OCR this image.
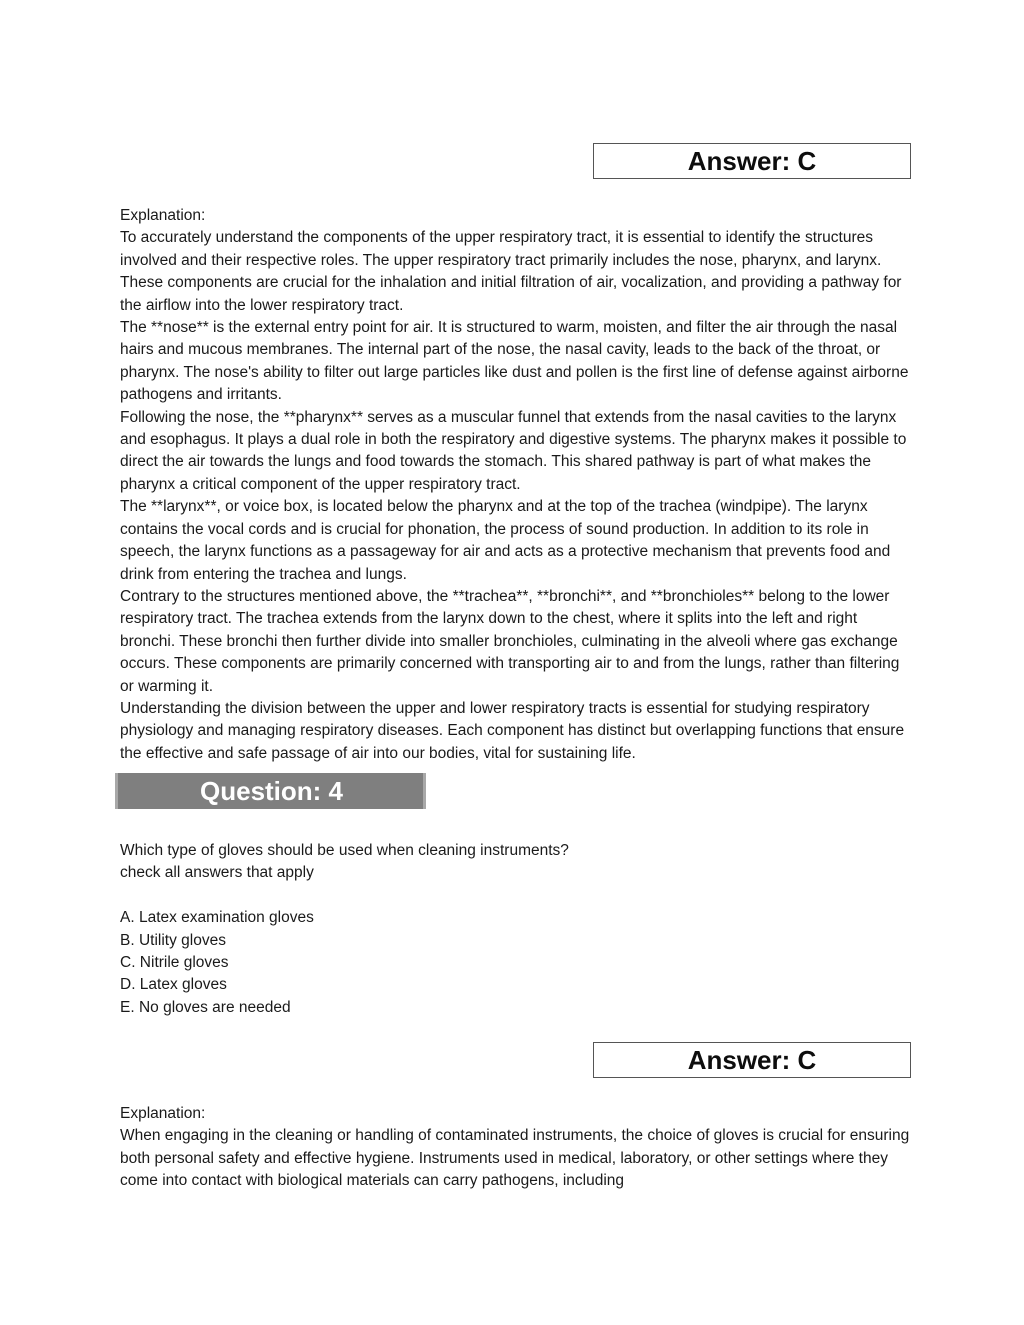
Answer: C

Explanation:

To accurately understand the components of the upper respiratory tract, it is essential to identify the structures involved and their respective roles. The upper respiratory tract primarily includes the nose, pharynx, and larynx. These components are crucial for the inhalation and initial filtration of air, vocalization, and providing a pathway for the airflow into the lower respiratory tract.

The **nose** is the external entry point for air. It is structured to warm, moisten, and filter the air through the nasal hairs and mucous membranes. The internal part of the nose, the nasal cavity, leads to the back of the throat, or pharynx. The nose's ability to filter out large particles like dust and pollen is the first line of defense against airborne pathogens and irritants.

Following the nose, the **pharynx** serves as a muscular funnel that extends from the nasal cavities to the larynx and esophagus. It plays a dual role in both the respiratory and digestive systems. The pharynx makes it possible to direct the air towards the lungs and food towards the stomach. This shared pathway is part of what makes the pharynx a critical component of the upper respiratory tract.

The **larynx**, or voice box, is located below the pharynx and at the top of the trachea (windpipe). The larynx contains the vocal cords and is crucial for phonation, the process of sound production. In addition to its role in speech, the larynx functions as a passageway for air and acts as a protective mechanism that prevents food and drink from entering the trachea and lungs.

Contrary to the structures mentioned above, the **trachea**, **bronchi**, and **bronchioles** belong to the lower respiratory tract. The trachea extends from the larynx down to the chest, where it splits into the left and right bronchi. These bronchi then further divide into smaller bronchioles, culminating in the alveoli where gas exchange occurs. These components are primarily concerned with transporting air to and from the lungs, rather than filtering or warming it.

Understanding the division between the upper and lower respiratory tracts is essential for studying respiratory physiology and managing respiratory diseases. Each component has distinct but overlapping functions that ensure the effective and safe passage of air into our bodies, vital for sustaining life.

Question: 4

Which type of gloves should be used when cleaning instruments?

check all answers that apply

A. Latex examination gloves

B. Utility gloves

C. Nitrile gloves

D. Latex gloves

E. No gloves are needed

Answer: C

Explanation:

When engaging in the cleaning or handling of contaminated instruments, the choice of gloves is crucial for ensuring both personal safety and effective hygiene. Instruments used in medical, laboratory, or other settings where they come into contact with biological materials can carry pathogens, including
